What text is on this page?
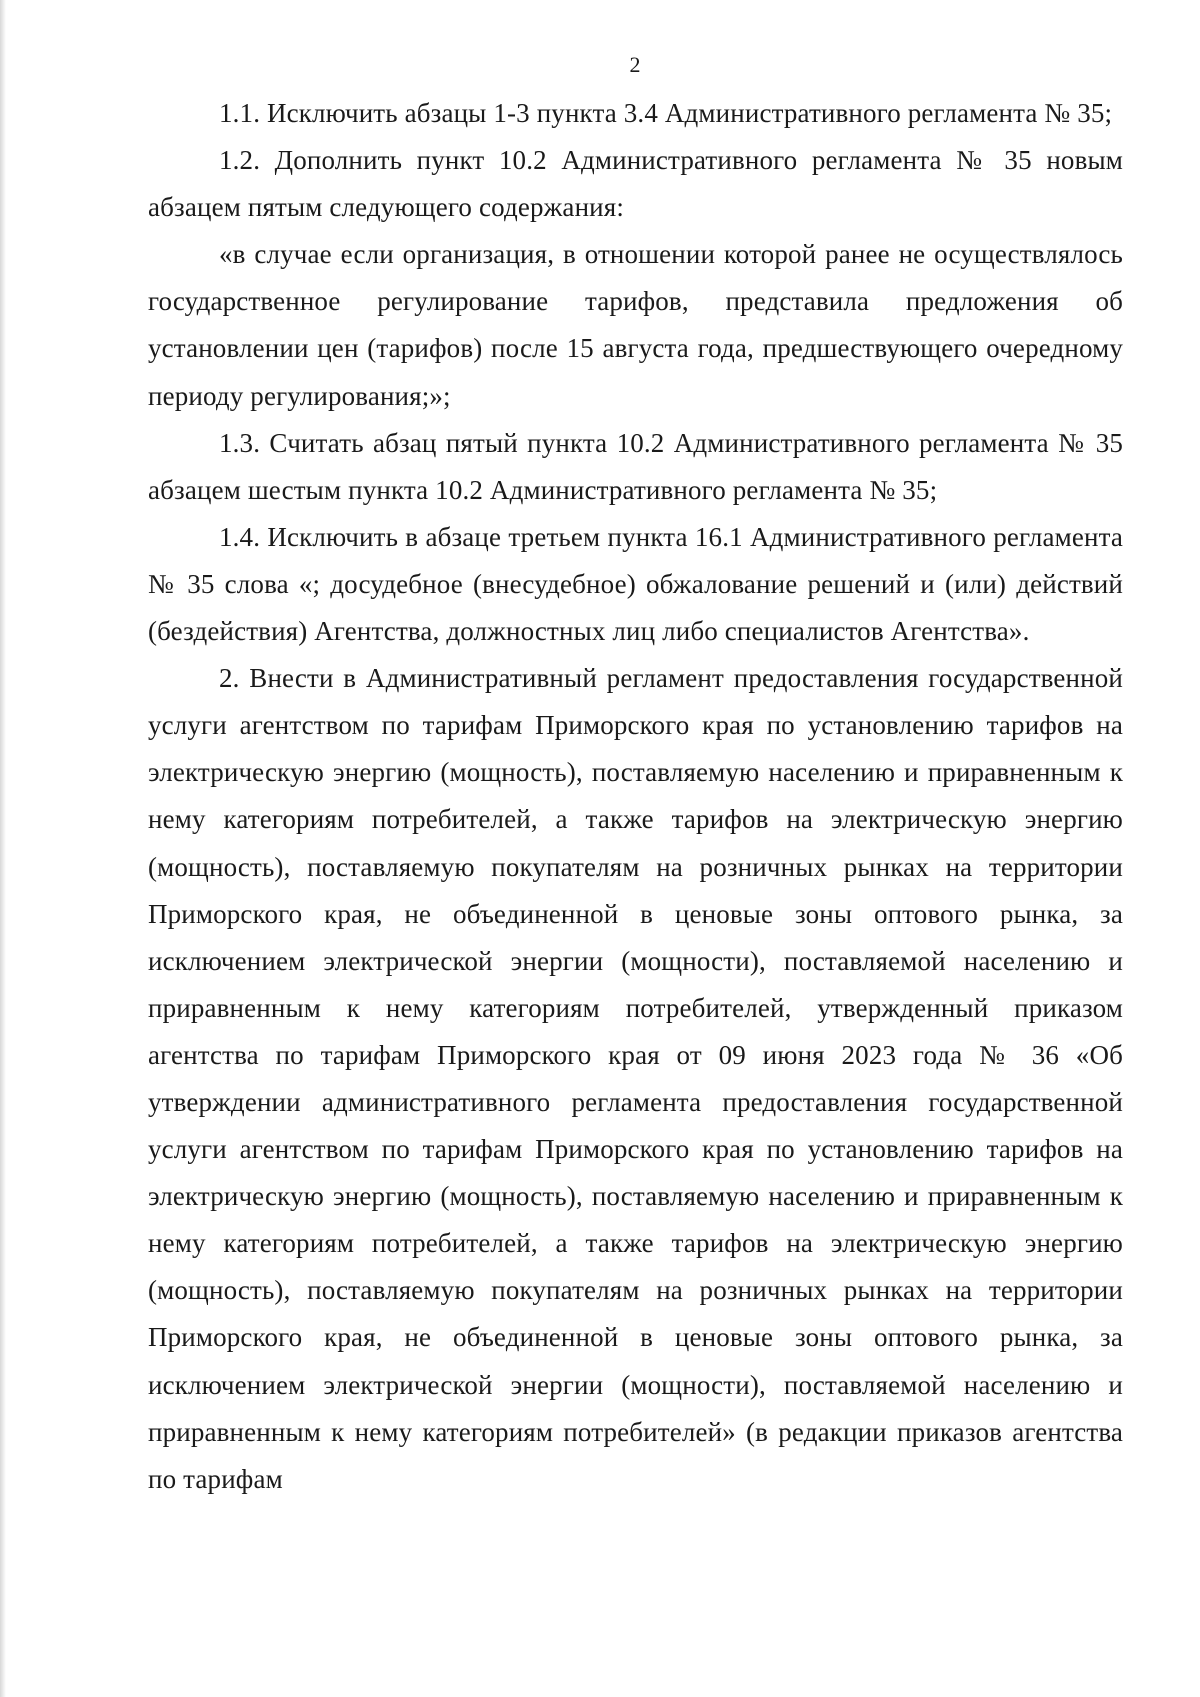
2

1.1. Исключить абзацы 1-3 пункта 3.4 Административного регламента № 35;

1.2. Дополнить пункт 10.2 Административного регламента № 35 новым абзацем пятым следующего содержания:

«в случае если организация, в отношении которой ранее не осуществлялось государственное регулирование тарифов, представила предложения об установлении цен (тарифов) после 15 августа года, предшествующего очередному периоду регулирования;»;

1.3. Считать абзац пятый пункта 10.2 Административного регламента № 35 абзацем шестым пункта 10.2 Административного регламента № 35;

1.4. Исключить в абзаце третьем пункта 16.1 Административного регламента № 35 слова «; досудебное (внесудебное) обжалование решений и (или) действий (бездействия) Агентства, должностных лиц либо специалистов Агентства».

2. Внести в Административный регламент предоставления государственной услуги агентством по тарифам Приморского края по установлению тарифов на электрическую энергию (мощность), поставляемую населению и приравненным к нему категориям потребителей, а также тарифов на электрическую энергию (мощность), поставляемую покупателям на розничных рынках на территории Приморского края, не объединенной в ценовые зоны оптового рынка, за исключением электрической энергии (мощности), поставляемой населению и приравненным к нему категориям потребителей, утвержденный приказом агентства по тарифам Приморского края от 09 июня 2023 года № 36 «Об утверждении административного регламента предоставления государственной услуги агентством по тарифам Приморского края по установлению тарифов на электрическую энергию (мощность), поставляемую населению и приравненным к нему категориям потребителей, а также тарифов на электрическую энергию (мощность), поставляемую покупателям на розничных рынках на территории Приморского края, не объединенной в ценовые зоны оптового рынка, за исключением электрической энергии (мощности), поставляемой населению и приравненным к нему категориям потребителей» (в редакции приказов агентства по тарифам
